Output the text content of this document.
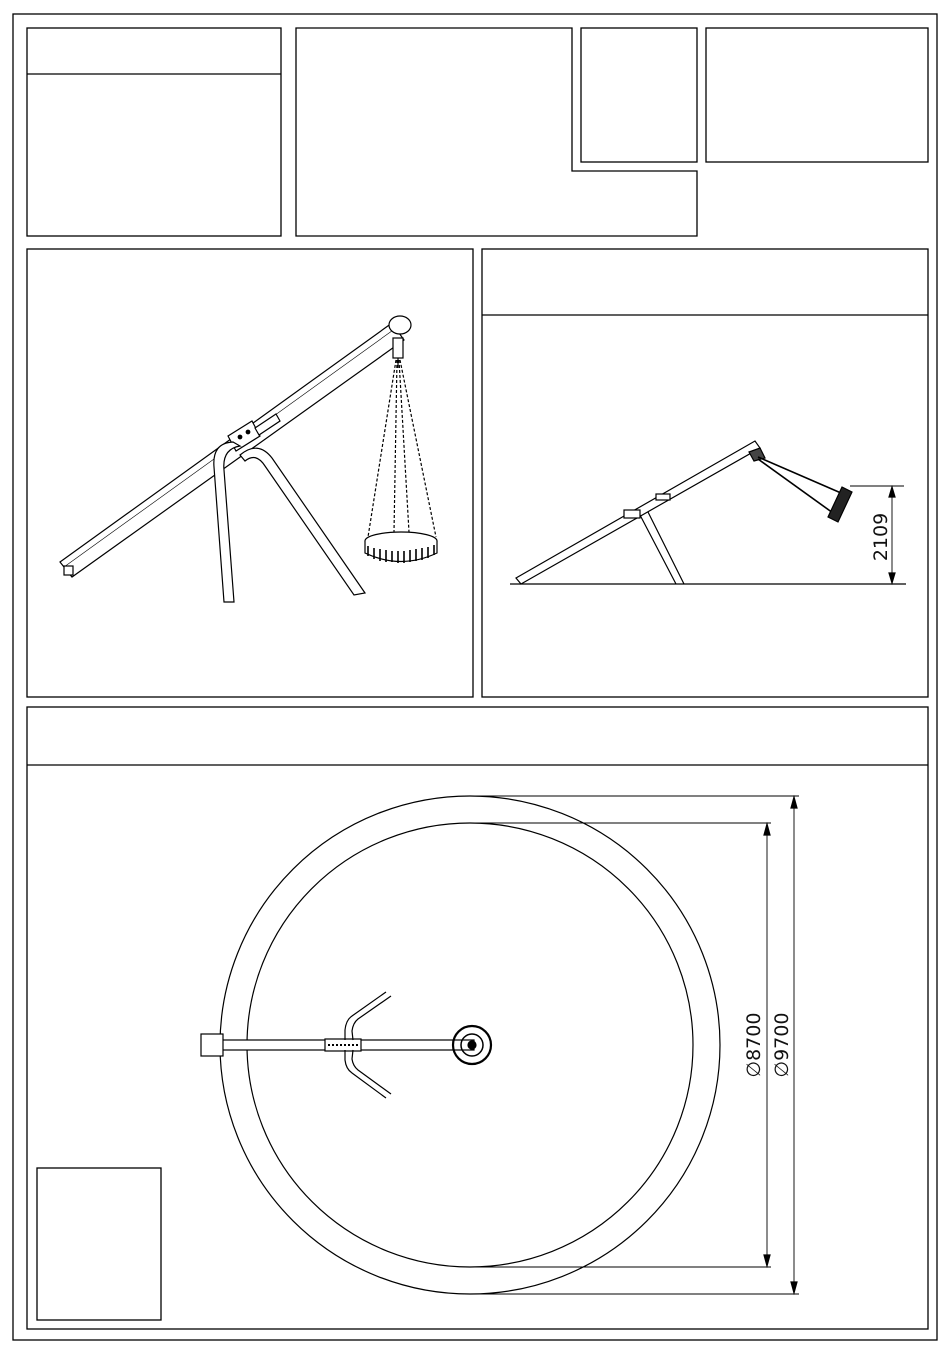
2109
∅8700 ∅9700
